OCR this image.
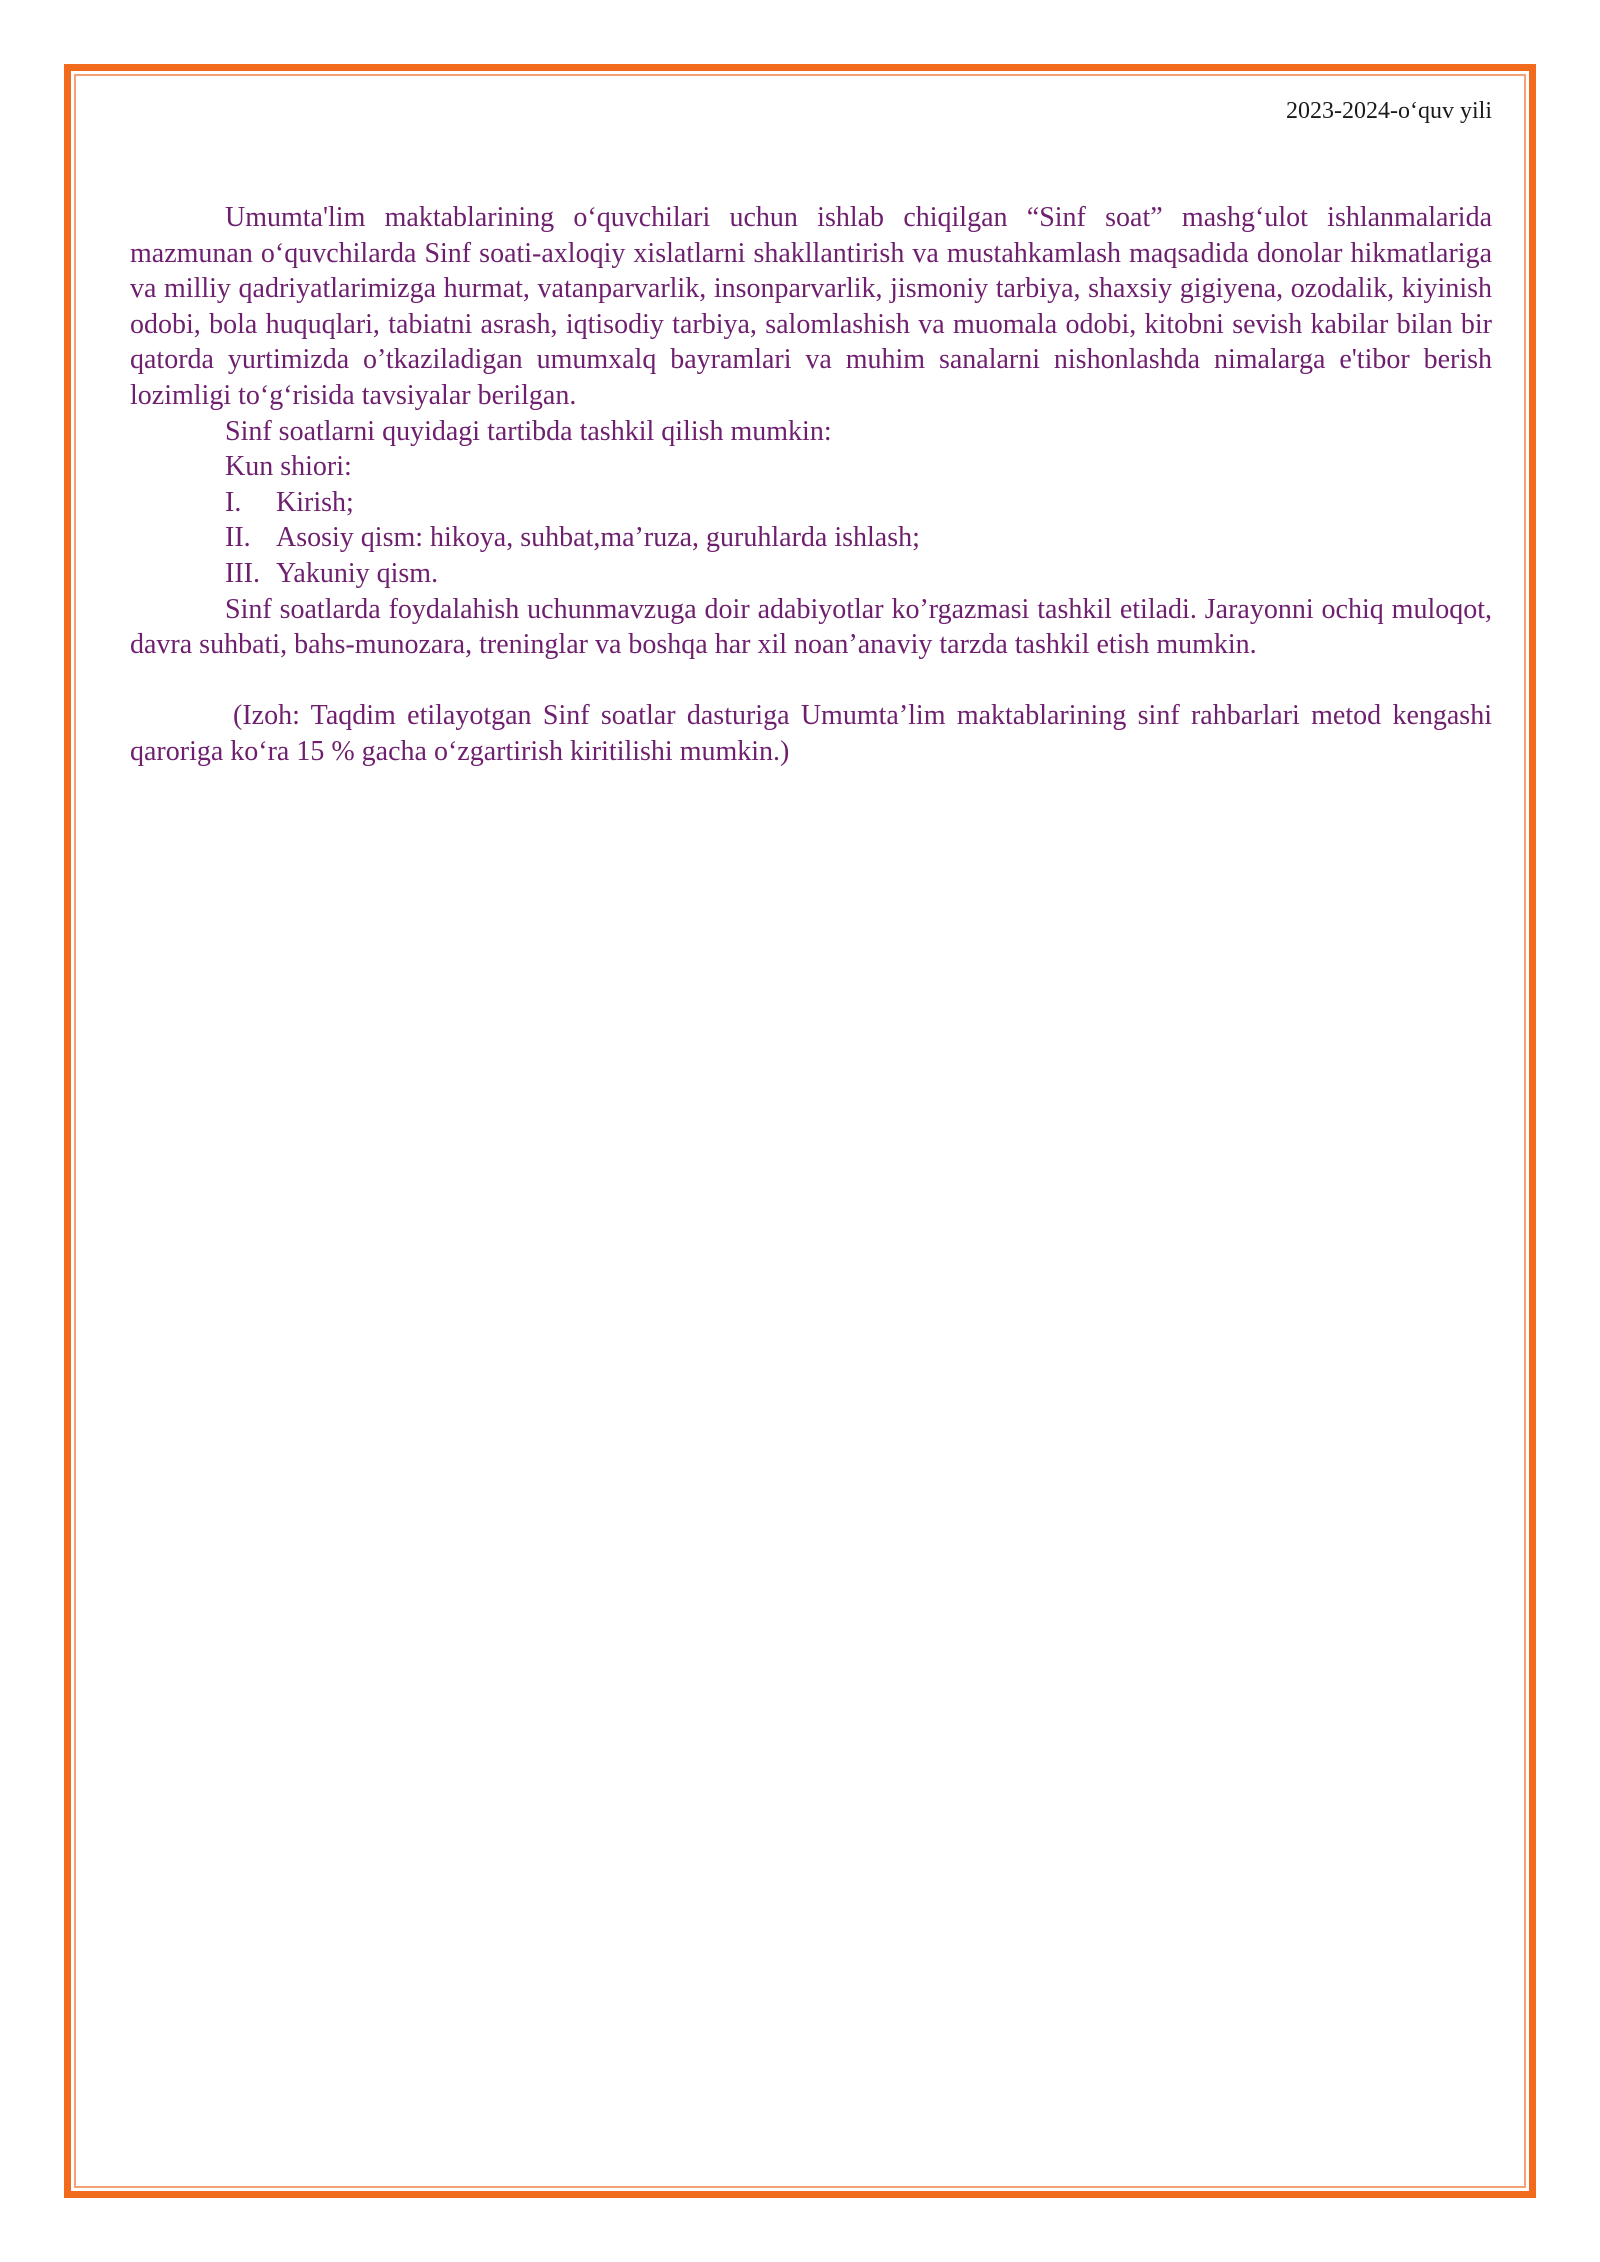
2023-2024-o‘quv yili

Umumta'lim maktablarining o‘quvchilari uchun ishlab chiqilgan “Sinf soat” mashg‘ulot ishlanmalarida mazmunan o‘quvchilarda Sinf soati-axloqiy xislatlarni shakllantirish va mustahkamlash maqsadida donolar hikmatlariga va milliy qadriyatlarimizga hurmat, vatanparvarlik, insonparvarlik, jismoniy tarbiya, shaxsiy gigiyena, ozodalik, kiyinish odobi, bola huquqlari, tabiatni asrash, iqtisodiy tarbiya, salomlashish va muomala odobi, kitobni sevish kabilar bilan bir qatorda yurtimizda o’tkaziladigan umumxalq bayramlari va muhim sanalarni nishonlashda nimalarga e'tibor berish lozimligi to‘g‘risida tavsiyalar berilgan.

Sinf soatlarni quyidagi tartibda tashkil qilish mumkin:

Kun shiori:

I.	Kirish;
II. Asosiy qism: hikoya, suhbat,ma’ruza, guruhlarda ishlash;
III. Yakuniy qism.

Sinf soatlarda foydalahish uchunmavzuga doir adabiyotlar ko’rgazmasi tashkil etiladi. Jarayonni ochiq muloqot, davra suhbati, bahs-munozara, treninglar va boshqa har xil noan’anaviy tarzda tashkil etish mumkin.

(Izoh: Taqdim etilayotgan Sinf soatlar dasturiga Umumta’lim maktablarining sinf rahbarlari metod kengashi qaroriga ko‘ra 15 % gacha o‘zgartirish kiritilishi mumkin.)
